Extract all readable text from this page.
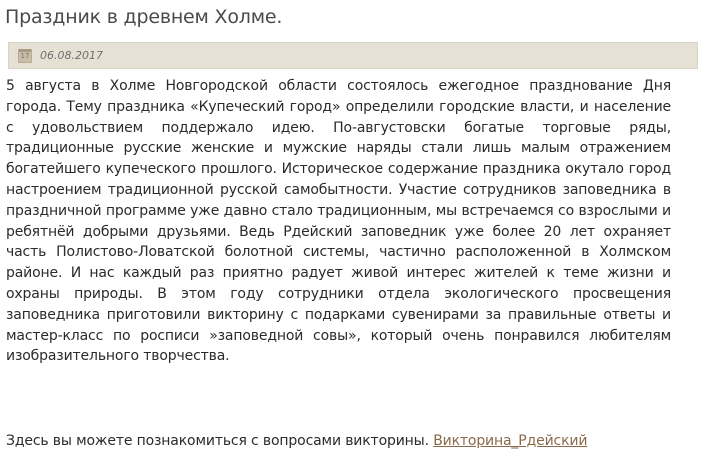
Праздник в древнем Холме.
17 06.08.2017

5 августа в Холме Новгородской области состоялось ежегодное празднование Дня города. Тему праздника «Купеческий город» определили городские власти, и население с удовольствием поддержало идею. По-августовски богатые торговые ряды, традиционные русские женские и мужские наряды стали лишь малым отражением богатейшего купеческого прошлого. Историческое содержание праздника окутало город настроением традиционной русской самобытности. Участие сотрудников заповедника в праздничной программе уже давно стало традиционным, мы встречаемся со взрослыми и ребятнёй добрыми друзьями. Ведь Рдейский заповедник уже более 20 лет охраняет часть Полистово-Ловатской болотной системы, частично расположенной в Холмском районе. И нас каждый раз приятно радует живой интерес жителей к теме жизни и охраны природы. В этом году сотрудники отдела экологического просвещения заповедника приготовили викторину с подарками сувенирами за правильные ответы и мастер-класс по росписи »заповедной совы», который очень понравился любителям изобразительного творчества.

Здесь вы можете познакомиться с вопросами викторины. Викторина_Рдейский
